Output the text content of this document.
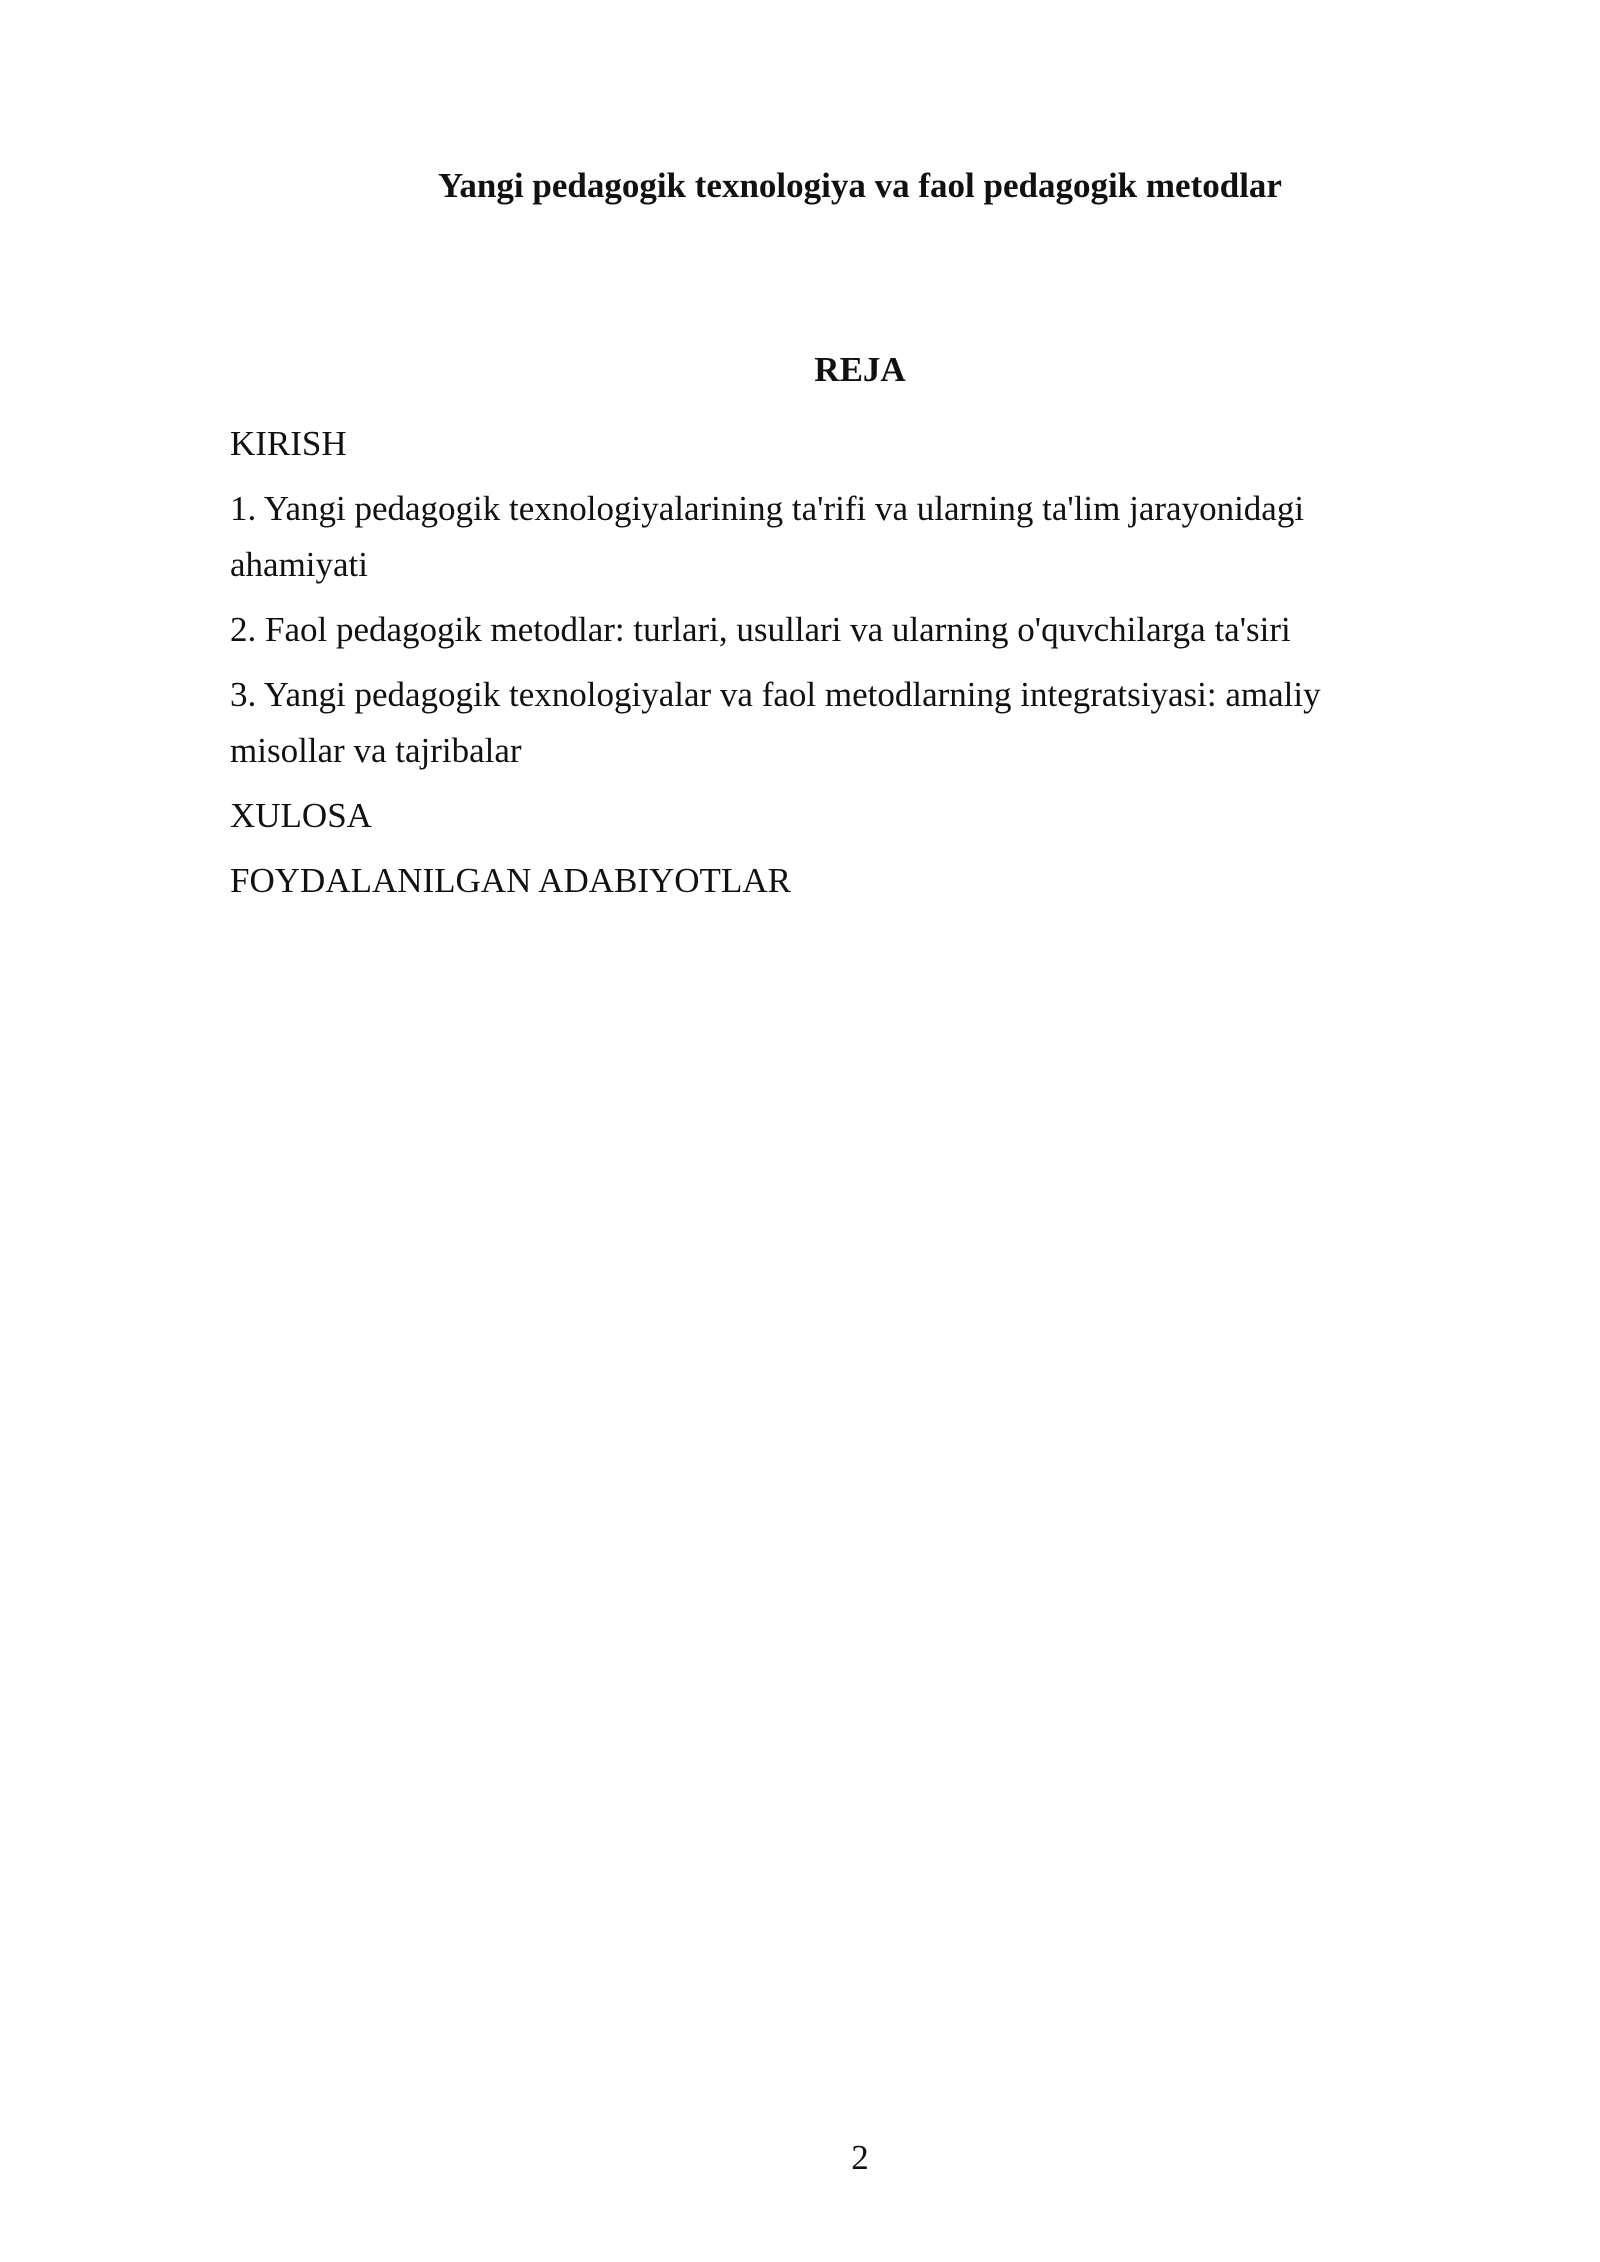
Yangi pedagogik texnologiya va faol pedagogik metodlar
REJA
KIRISH
1. Yangi pedagogik texnologiyalarining ta'rifi va ularning ta'lim jarayonidagi ahamiyati
2. Faol pedagogik metodlar: turlari, usullari va ularning o'quvchilarga ta'siri
3. Yangi pedagogik texnologiyalar va faol metodlarning integratsiyasi: amaliy misollar va tajribalar
XULOSA
FOYDALANILGAN ADABIYOTLAR
2
